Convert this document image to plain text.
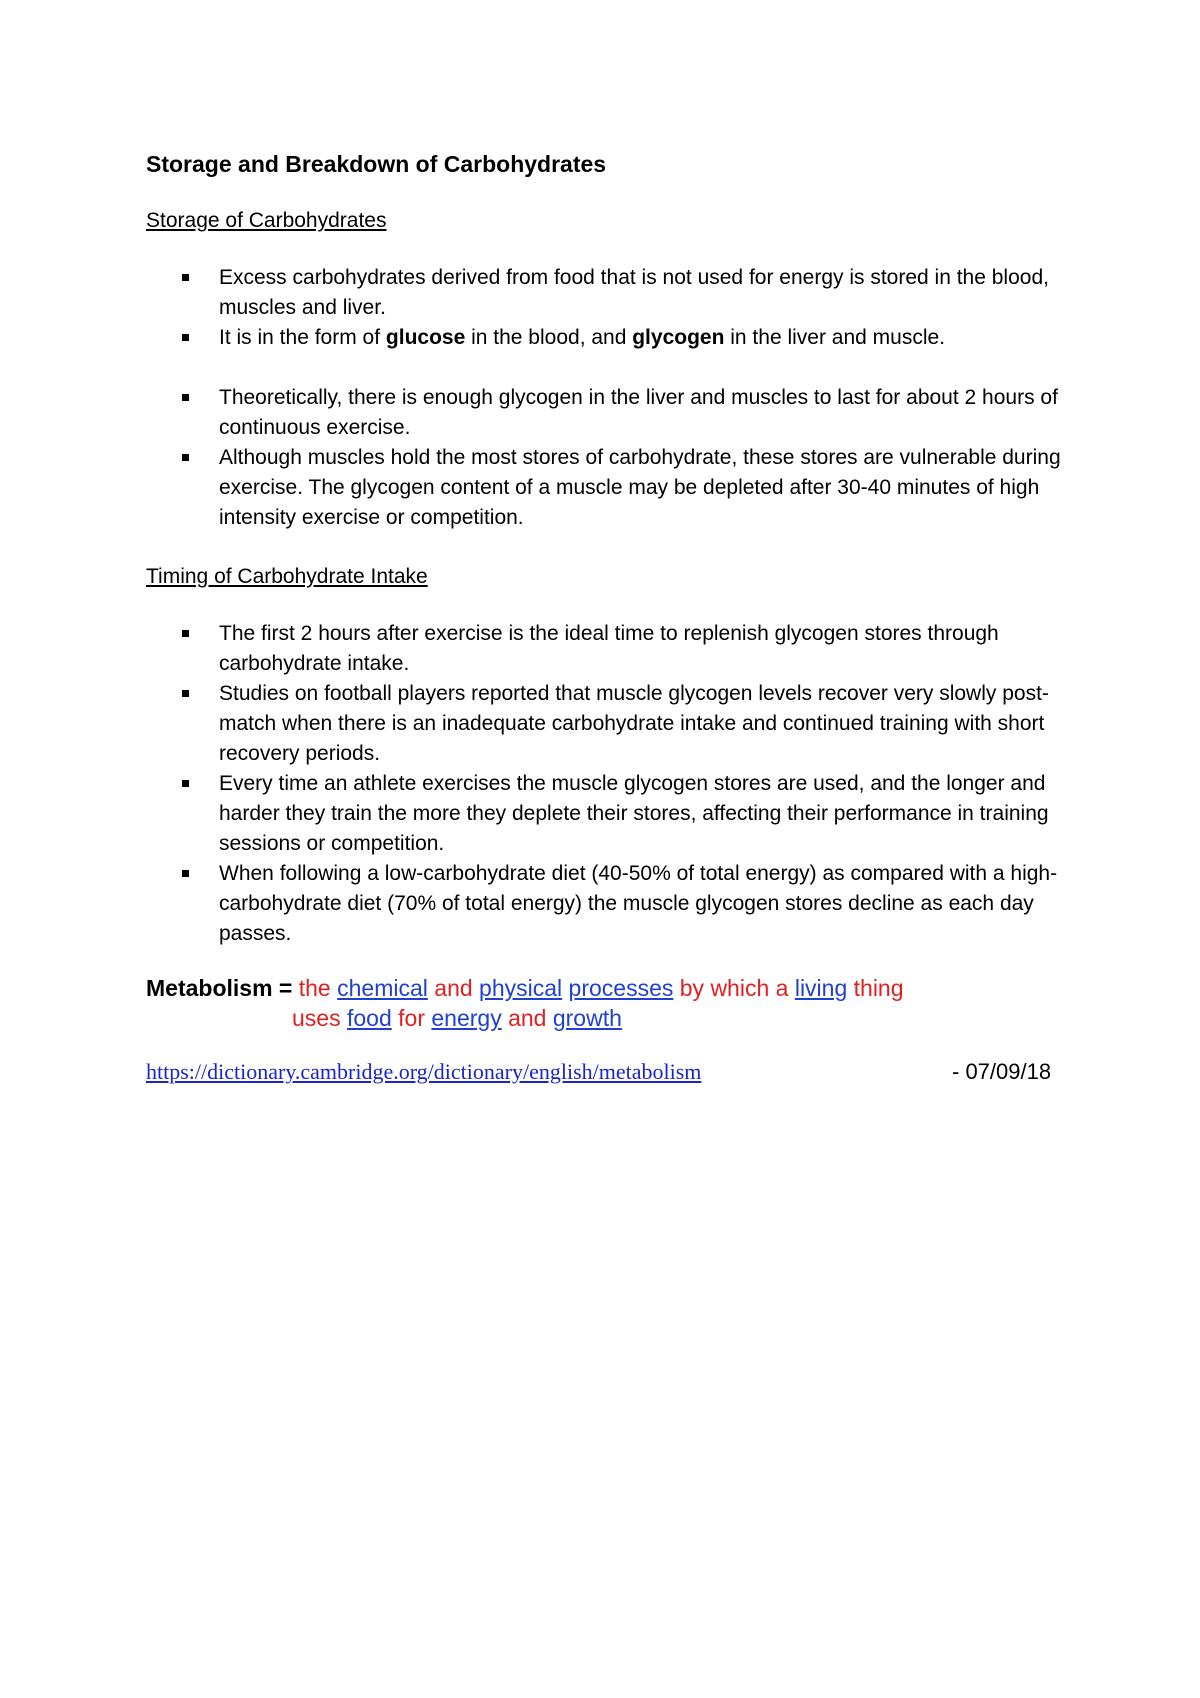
Storage and Breakdown of Carbohydrates
Storage of Carbohydrates
Excess carbohydrates derived from food that is not used for energy is stored in the blood, muscles and liver.
It is in the form of glucose in the blood, and glycogen in the liver and muscle.
Theoretically, there is enough glycogen in the liver and muscles to last for about 2 hours of continuous exercise.
Although muscles hold the most stores of carbohydrate, these stores are vulnerable during exercise. The glycogen content of a muscle may be depleted after 30-40 minutes of high intensity exercise or competition.
Timing of Carbohydrate Intake
The first 2 hours after exercise is the ideal time to replenish glycogen stores through carbohydrate intake.
Studies on football players reported that muscle glycogen levels recover very slowly post-match when there is an inadequate carbohydrate intake and continued training with short recovery periods.
Every time an athlete exercises the muscle glycogen stores are used, and the longer and harder they train the more they deplete their stores, affecting their performance in training sessions or competition.
When following a low-carbohydrate diet (40-50% of total energy) as compared with a high-carbohydrate diet (70% of total energy) the muscle glycogen stores decline as each day passes.
Metabolism = the chemical and physical processes by which a living thing
uses food for energy and growth
https://dictionary.cambridge.org/dictionary/english/metabolism	- 07/09/18
